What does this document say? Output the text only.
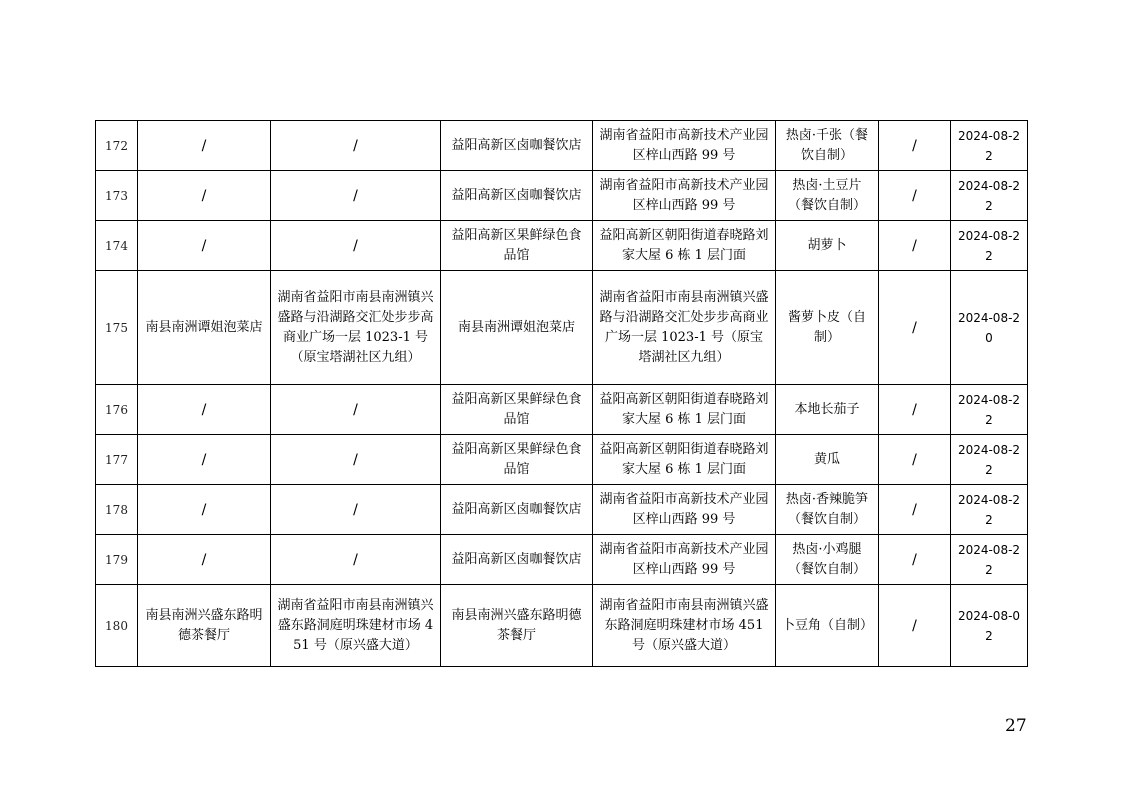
172	/	/	益阳高新区卤咖餐饮店	湖南省益阳市高新技术产业园区梓山西路 99 号	热卤·千张（餐饮自制）	/	2024-08-22
173	/	/	益阳高新区卤咖餐饮店	湖南省益阳市高新技术产业园区梓山西路 99 号	热卤·土豆片（餐饮自制）	/	2024-08-22
174	/	/	益阳高新区果鲜绿色食品馆	益阳高新区朝阳街道春晓路刘家大屋 6 栋 1 层门面	胡萝卜	/	2024-08-22
175	南县南洲谭姐泡菜店	湖南省益阳市南县南洲镇兴盛路与沿湖路交汇处步步高商业广场一层 1023-1 号（原宝塔湖社区九组）	南县南洲谭姐泡菜店	湖南省益阳市南县南洲镇兴盛路与沿湖路交汇处步步高商业广场一层 1023-1 号（原宝塔湖社区九组）	酱萝卜皮（自制）	/	2024-08-20
176	/	/	益阳高新区果鲜绿色食品馆	益阳高新区朝阳街道春晓路刘家大屋 6 栋 1 层门面	本地长茄子	/	2024-08-22
177	/	/	益阳高新区果鲜绿色食品馆	益阳高新区朝阳街道春晓路刘家大屋 6 栋 1 层门面	黄瓜	/	2024-08-22
178	/	/	益阳高新区卤咖餐饮店	湖南省益阳市高新技术产业园区梓山西路 99 号	热卤·香辣脆笋（餐饮自制）	/	2024-08-22
179	/	/	益阳高新区卤咖餐饮店	湖南省益阳市高新技术产业园区梓山西路 99 号	热卤·小鸡腿（餐饮自制）	/	2024-08-22
180	南县南洲兴盛东路明德茶餐厅	湖南省益阳市南县南洲镇兴盛东路洞庭明珠建材市场 451 号（原兴盛大道）	南县南洲兴盛东路明德茶餐厅	湖南省益阳市南县南洲镇兴盛东路洞庭明珠建材市场 451 号（原兴盛大道）	卜豆角（自制）	/	2024-08-02
27
